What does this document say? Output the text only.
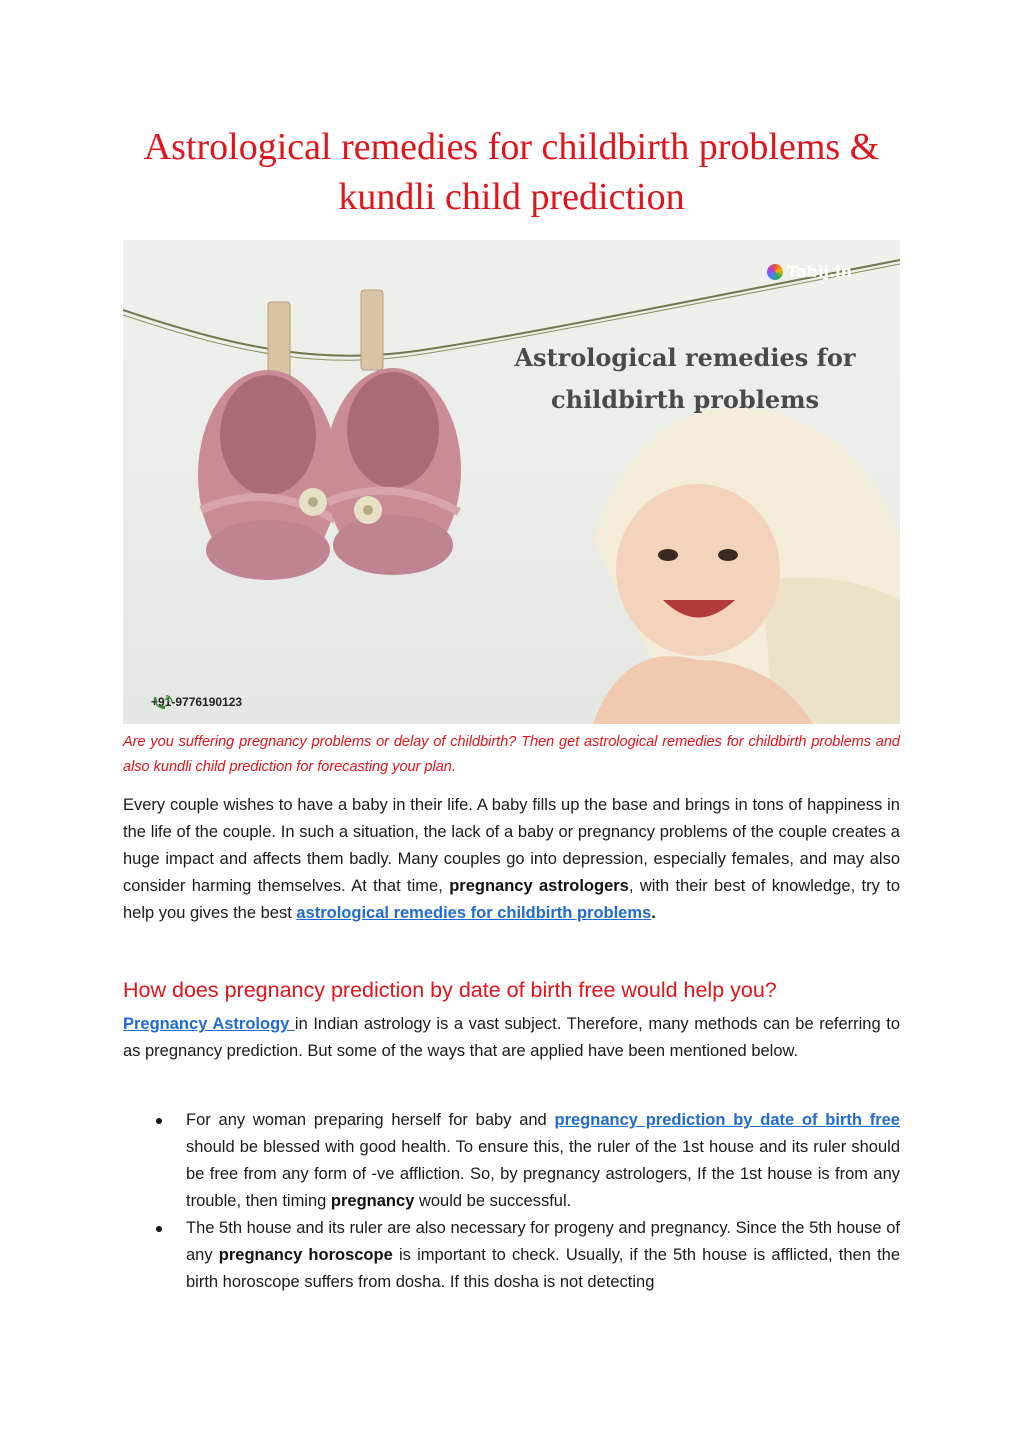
Astrological remedies for childbirth problems &
kundli child prediction
Tabij.in
Astrological remedies for
childbirth problems
+91-9776190123
Are you suffering pregnancy problems or delay of childbirth? Then get astrological remedies for childbirth problems and also kundli child prediction for forecasting your plan.
Every couple wishes to have a baby in their life. A baby fills up the base and brings in tons of happiness in the life of the couple. In such a situation, the lack of a baby or pregnancy problems of the couple creates a huge impact and affects them badly. Many couples go into depression, especially females, and may also consider harming themselves. At that time, pregnancy astrologers, with their best of knowledge, try to help you gives the best astrological remedies for childbirth problems.
How does pregnancy prediction by date of birth free would help you?
Pregnancy Astrology in Indian astrology is a vast subject. Therefore, many methods can be referring to as pregnancy prediction. But some of the ways that are applied have been mentioned below.
For any woman preparing herself for baby and pregnancy prediction by date of birth free should be blessed with good health. To ensure this, the ruler of the 1st house and its ruler should be free from any form of -ve affliction. So, by pregnancy astrologers, If the 1st house is from any trouble, then timing pregnancy would be successful.
The 5th house and its ruler are also necessary for progeny and pregnancy. Since the 5th house of any pregnancy horoscope is important to check. Usually, if the 5th house is afflicted, then the birth horoscope suffers from dosha. If this dosha is not detecting
